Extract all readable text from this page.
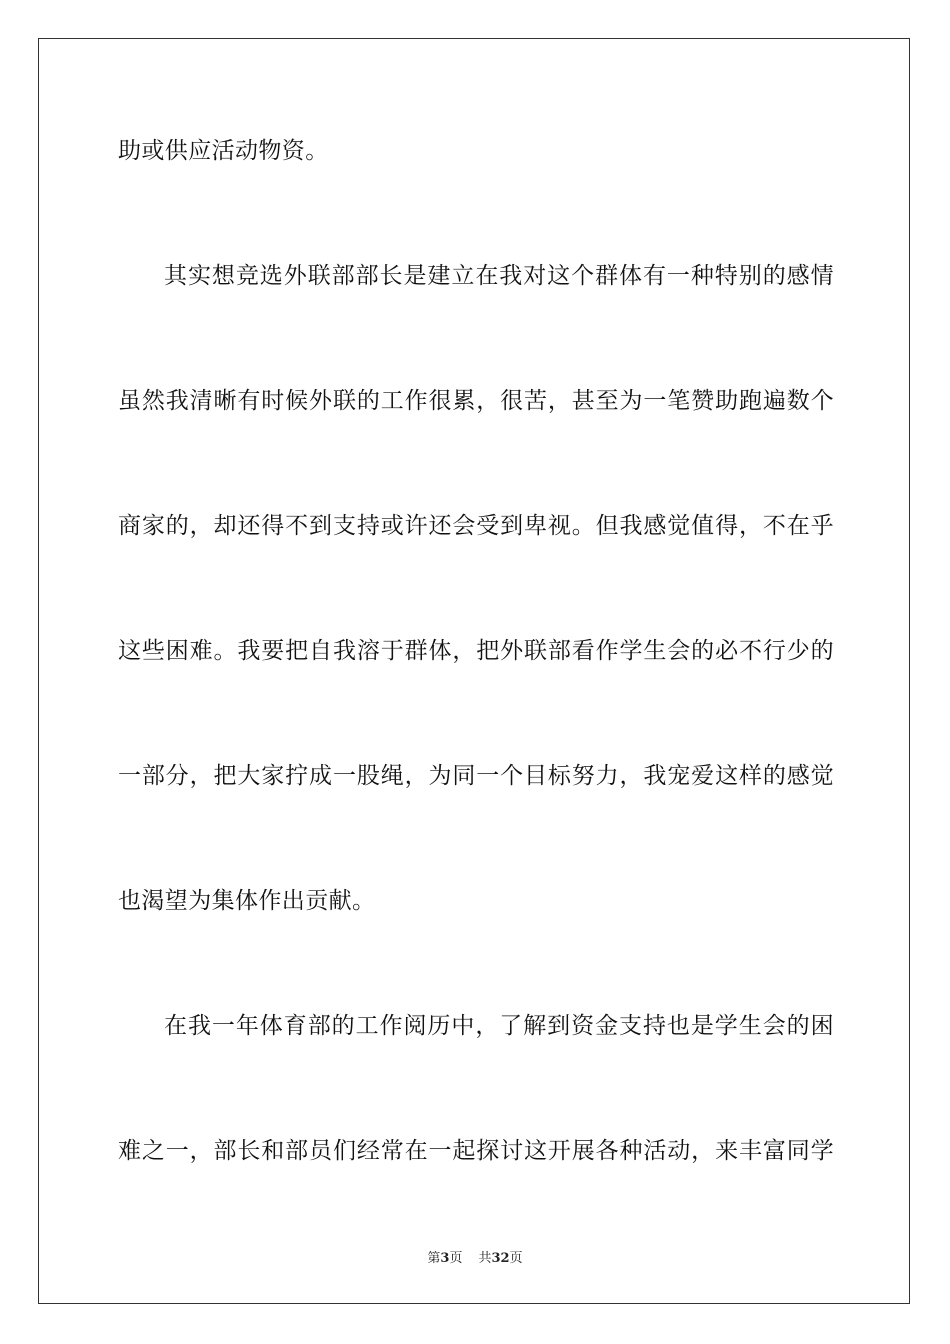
助或供应活动物资。
其实想竞选外联部部长是建立在我对这个群体有一种特别的感情
虽然我清晰有时候外联的工作很累，很苦，甚至为一笔赞助跑遍数个
商家的，却还得不到支持或许还会受到卑视。但我感觉值得，不在乎
这些困难。我要把自我溶于群体，把外联部看作学生会的必不行少的
一部分，把大家拧成一股绳，为同一个目标努力，我宠爱这样的感觉
也渴望为集体作出贡献。
在我一年体育部的工作阅历中，了解到资金支持也是学生会的困
难之一，部长和部员们经常在一起探讨这开展各种活动，来丰富同学
第3页 共32页
